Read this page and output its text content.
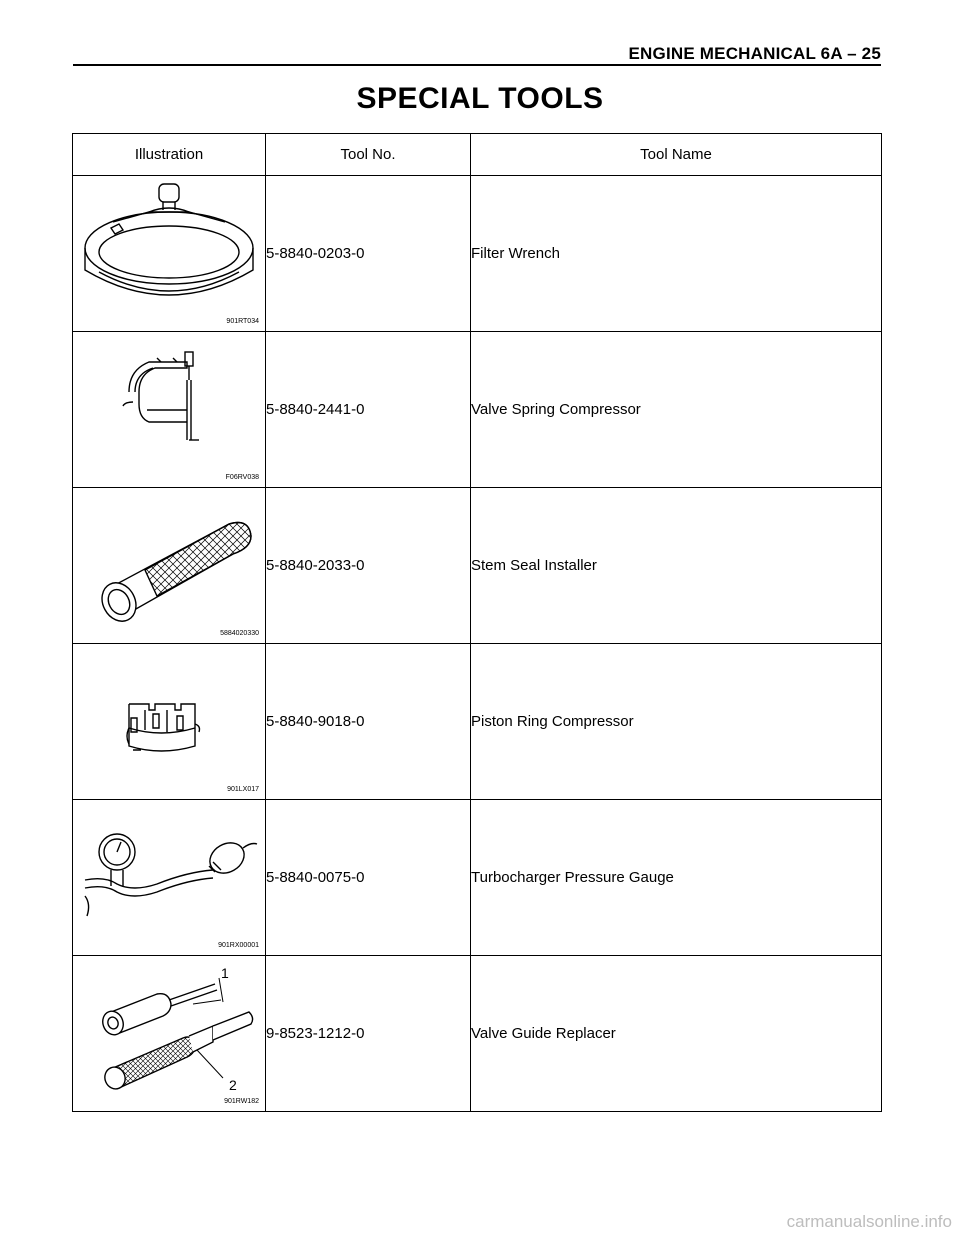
ENGINE MECHANICAL 6A – 25
SPECIAL TOOLS
Illustration	Tool No.	Tool Name

901RT034	5-8840-0203-0	Filter Wrench

F06RV038	5-8840-2441-0	Valve Spring Compressor

5884020330	5-8840-2033-0	Stem Seal Installer

901LX017	5-8840-9018-0	Piston Ring Compressor

901RX00001	5-8840-0075-0	Turbocharger Pressure Gauge

1
2
901RW182	9-8523-1212-0	Valve Guide Replacer
carmanualsonline.info
